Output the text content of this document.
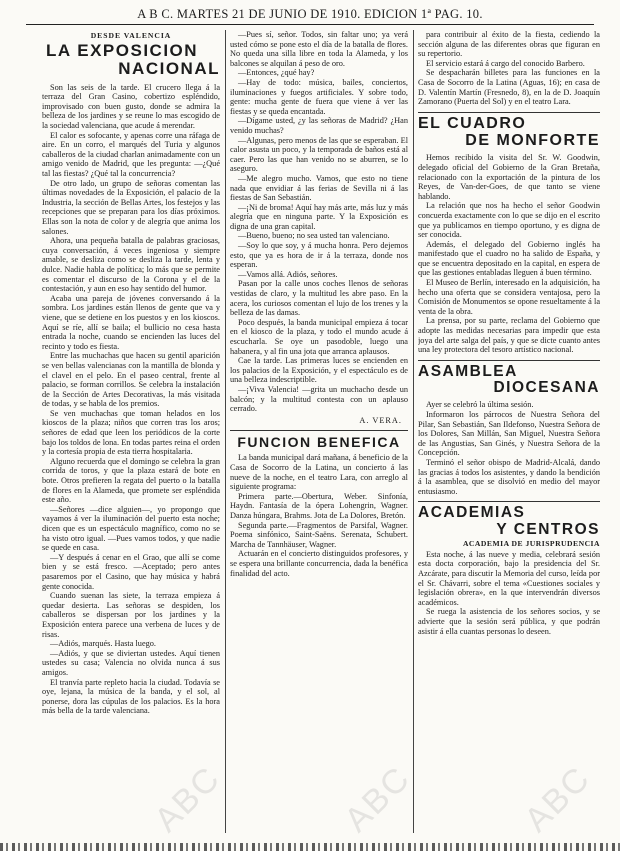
A B C. MARTES 21 DE JUNIO DE 1910. EDICION 1ª PAG. 10.
DESDE VALENCIA
LA EXPOSICION
NACIONAL

Son las seis de la tarde. El crucero llega á la terraza del Gran Casino, cobertizo espléndido, improvisado con buen gusto, donde se admira la belleza de los jardines y se reune lo mas escogido de la sociedad valenciana, que acude á merendar.

El calor es sofocante, y apenas corre una ráfaga de aire. En un corro, el marqués del Turia y algunos caballeros de la ciudad charlan animadamente con un amigo venido de Madrid, que les pregunta: —¿Qué tal las fiestas? ¿Qué tal la concurrencia?

De otro lado, un grupo de señoras comentan las últimas novedades de la Exposición, el palacio de la Industria, la sección de Bellas Artes, los festejos y las recepciones que se preparan para los días próximos. Ellas son la nota de color y de alegría que anima los salones.

Ahora, una pequeña batalla de palabras graciosas, cuya conversación, á veces ingeniosa y siempre amable, se desliza como se desliza la tarde, lenta y dulce. Nadie habla de política; lo más que se permite es comentar el discurso de la Corona y el de la contestación, y aun en eso hay sentido del humor.

Acaba una pareja de jóvenes conversando á la sombra. Los jardines están llenos de gente que va y viene, que se detiene en los puestos y en los kioscos. Aquí se ríe, allí se baila; el bullicio no cesa hasta entrada la noche, cuando se encienden las luces del recinto y todo es fiesta.

Entre las muchachas que hacen su gentil aparición se ven bellas valencianas con la mantilla de blonda y el clavel en el pelo. En el paseo central, frente al palacio, se forman corrillos. Se celebra la instalación de la Sección de Artes Decorativas, la más visitada de todas, y se habla de los premios.

Se ven muchachas que toman helados en los kioscos de la plaza; niños que corren tras los aros; señores de edad que leen los periódicos de la corte bajo los toldos de lona. En todas partes reina el orden y la cortesía propia de esta tierra hospitalaria.

Alguno recuerda que el domingo se celebra la gran corrida de toros, y que la plaza estará de bote en bote. Otros prefieren la regata del puerto o la batalla de flores en la Alameda, que promete ser espléndida este año.

—Señores —dice alguien—, yo propongo que vayamos á ver la iluminación del puerto esta noche; dicen que es un espectáculo magnífico, como no se ha visto otro igual. —Pues vamos todos, y que nadie se quede en casa.

—Y después á cenar en el Grao, que allí se come bien y se está fresco. —Aceptado; pero antes pasaremos por el Casino, que hay música y habrá gente conocida.

Cuando suenan las siete, la terraza empieza á quedar desierta. Las señoras se despiden, los caballeros se dispersan por los jardines y la Exposición entera parece una verbena de luces y de risas.

—Adiós, marqués. Hasta luego.

—Adiós, y que se diviertan ustedes. Aquí tienen ustedes su casa; Valencia no olvida nunca á sus amigos.

El tranvía parte repleto hacia la ciudad. Todavía se oye, lejana, la música de la banda, y el sol, al ponerse, dora las cúpulas de los palacios. Es la hora más bella de la tarde valenciana.

—Pues sí, señor. Todos, sin faltar uno; ya verá usted cómo se pone esto el día de la batalla de flores. No queda una silla libre en toda la Alameda, y los balcones se alquilan á peso de oro.

—Entonces, ¿qué hay?

—Hay de todo: música, bailes, conciertos, iluminaciones y fuegos artificiales. Y sobre todo, gente: mucha gente de fuera que viene á ver las fiestas y se queda encantada.

—Dígame usted, ¿y las señoras de Madrid? ¿Han venido muchas?

—Algunas, pero menos de las que se esperaban. El calor asusta un poco, y la temporada de baños está al caer. Pero las que han venido no se aburren, se lo aseguro.

—Me alegro mucho. Vamos, que esto no tiene nada que envidiar á las ferias de Sevilla ni á las fiestas de San Sebastián.

—¡Ni de broma! Aquí hay más arte, más luz y más alegría que en ninguna parte. Y la Exposición es digna de una gran capital.

—Bueno, bueno; no sea usted tan valenciano.

—Soy lo que soy, y á mucha honra. Pero dejemos esto, que ya es hora de ir á la terraza, donde nos esperan.

—Vamos allá. Adiós, señores.

Pasan por la calle unos coches llenos de señoras vestidas de claro, y la multitud les abre paso. En la acera, los curiosos comentan el lujo de los trenes y la belleza de las damas.

Poco después, la banda municipal empieza á tocar en el kiosco de la plaza, y todo el mundo acude á escucharla. Se oye un pasodoble, luego una habanera, y al fin una jota que arranca aplausos.

Cae la tarde. Las primeras luces se encienden en los palacios de la Exposición, y el espectáculo es de una belleza indescriptible.

—¡Viva Valencia! —grita un muchacho desde un balcón; y la multitud contesta con un aplauso cerrado.

A. VERA.
FUNCION BENEFICA

La banda municipal dará mañana, á beneficio de la Casa de Socorro de la Latina, un concierto á las nueve de la noche, en el teatro Lara, con arreglo al siguiente programa:

Primera parte.—Obertura, Weber. Sinfonía, Haydn. Fantasía de la ópera Lohengrin, Wagner. Danza húngara, Brahms. Jota de La Dolores, Bretón.

Segunda parte.—Fragmentos de Parsifal, Wagner. Poema sinfónico, Saint-Saëns. Serenata, Schubert. Marcha de Tannhäuser, Wagner.

Actuarán en el concierto distinguidos profesores, y se espera una brillante concurrencia, dada la benéfica finalidad del acto.

para contribuir al éxito de la fiesta, cediendo la sección alguna de las diferentes obras que figuran en su repertorio.

El servicio estará á cargo del conocido Barbero.

Se despacharán billetes para las funciones en la Casa de Socorro de la Latina (Aguas, 16); en casa de D. Valentín Martín (Fresnedo, 8), en la de D. Joaquín Zamorano (Puerta del Sol) y en el teatro Lara.

EL CUADRO
DE MONFORTE

Hemos recibido la visita del Sr. W. Goodwin, delegado oficial del Gobierno de la Gran Bretaña, relacionado con la exportación de la pintura de los Reyes, de Van-der-Goes, de que tanto se viene hablando.

La relación que nos ha hecho el señor Goodwin concuerda exactamente con lo que se dijo en el escrito que ya publicamos en tiempo oportuno, y es digna de ser conocida.

Además, el delegado del Gobierno inglés ha manifestado que el cuadro no ha salido de España, y que se encuentra depositado en la capital, en espera de que las gestiones entabladas lleguen á buen término.

El Museo de Berlín, interesado en la adquisición, ha hecho una oferta que se considera ventajosa, pero la Comisión de Monumentos se opone resueltamente á la venta de la obra.

La prensa, por su parte, reclama del Gobierno que adopte las medidas necesarias para impedir que esta joya del arte salga del país, y que se dicte cuanto antes una ley protectora del tesoro artístico nacional.

ASAMBLEA
DIOCESANA

Ayer se celebró la última sesión.

Informaron los párrocos de Nuestra Señora del Pilar, San Sebastián, San Ildefonso, Nuestra Señora de los Dolores, San Millán, San Miguel, Nuestra Señora de las Angustias, San Ginés, y Nuestra Señora de la Concepción.

Terminó el señor obispo de Madrid-Alcalá, dando las gracias á todos los asistentes, y dando la bendición á la asamblea, que se disolvió en medio del mayor entusiasmo.

ACADEMIAS
Y CENTROS
ACADEMIA DE JURISPRUDENCIA

Esta noche, á las nueve y media, celebrará sesión esta docta corporación, bajo la presidencia del Sr. Azcárate, para discutir la Memoria del curso, leída por el Sr. Chávarri, sobre el tema «Cuestiones sociales y legislación obrera», en la que intervendrán diversos académicos.

Se ruega la asistencia de los señores socios, y se advierte que la sesión será pública, y que podrán asistir á ella cuantas personas lo deseen.

ABC	ABC	ABC
